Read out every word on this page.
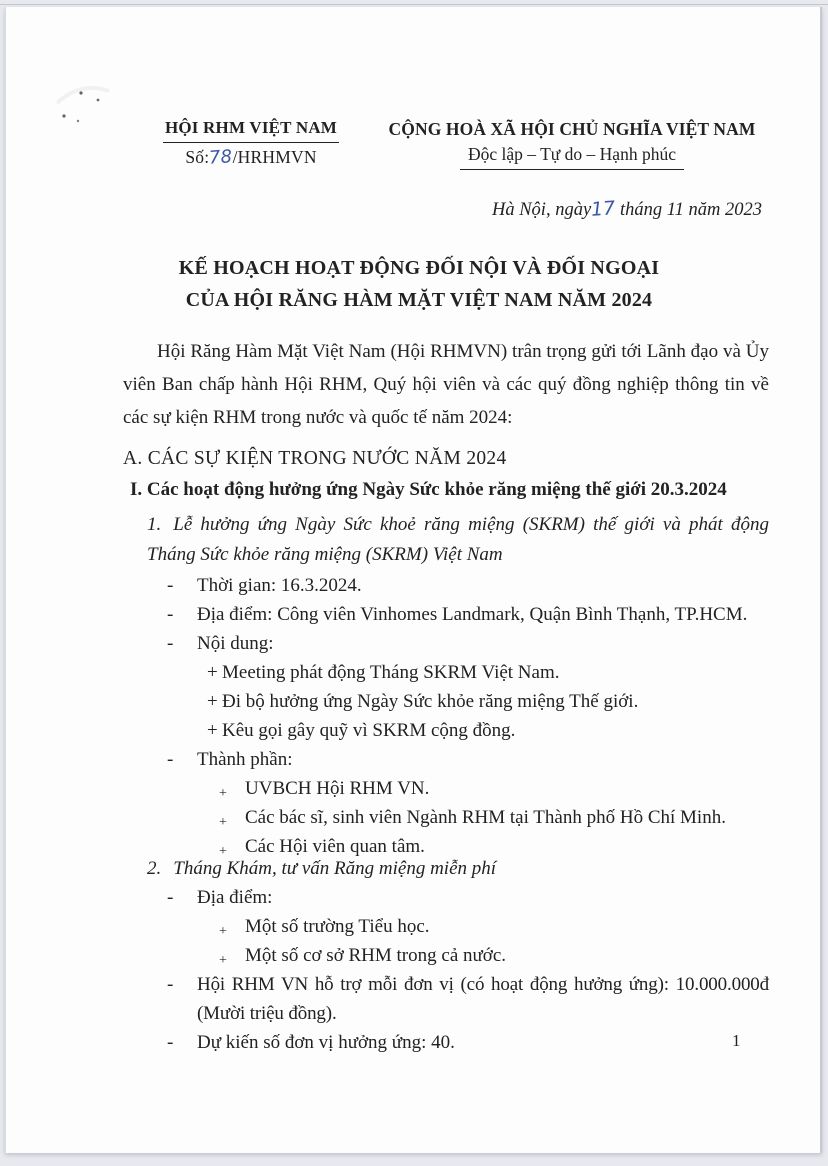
HỘI RHM VIỆT NAM
Số:78/HRHMVN
CỘNG HOÀ XÃ HỘI CHỦ NGHĨA VIỆT NAM
Độc lập – Tự do – Hạnh phúc
Hà Nội, ngày17 tháng 11 năm 2023
KẾ HOẠCH HOẠT ĐỘNG ĐỐI NỘI VÀ ĐỐI NGOẠI
CỦA HỘI RĂNG HÀM MẶT VIỆT NAM NĂM 2024

Hội Răng Hàm Mặt Việt Nam (Hội RHMVN) trân trọng gửi tới Lãnh đạo và Ủy viên Ban chấp hành Hội RHM, Quý hội viên và các quý đồng nghiệp thông tin về các sự kiện RHM trong nước và quốc tế năm 2024:

A. CÁC SỰ KIỆN TRONG NƯỚC NĂM 2024
I. Các hoạt động hưởng ứng Ngày Sức khỏe răng miệng thế giới 20.3.2024
1. Lễ hưởng ứng Ngày Sức khoẻ răng miệng (SKRM) thế giới và phát động Tháng Sức khỏe răng miệng (SKRM) Việt Nam
- Thời gian: 16.3.2024.
- Địa điểm: Công viên Vinhomes Landmark, Quận Bình Thạnh, TP.HCM.
- Nội dung:
+ Meeting phát động Tháng SKRM Việt Nam.
+ Đi bộ hưởng ứng Ngày Sức khỏe răng miệng Thế giới.
+ Kêu gọi gây quỹ vì SKRM cộng đồng.
- Thành phần:
+ UVBCH Hội RHM VN.
+ Các bác sĩ, sinh viên Ngành RHM tại Thành phố Hồ Chí Minh.
+ Các Hội viên quan tâm.
2. Tháng Khám, tư vấn Răng miệng miễn phí
- Địa điểm:
+ Một số trường Tiểu học.
+ Một số cơ sở RHM trong cả nước.
- Hội RHM VN hỗ trợ mỗi đơn vị (có hoạt động hưởng ứng): 10.000.000đ (Mười triệu đồng).
- Dự kiến số đơn vị hưởng ứng: 40.	1
